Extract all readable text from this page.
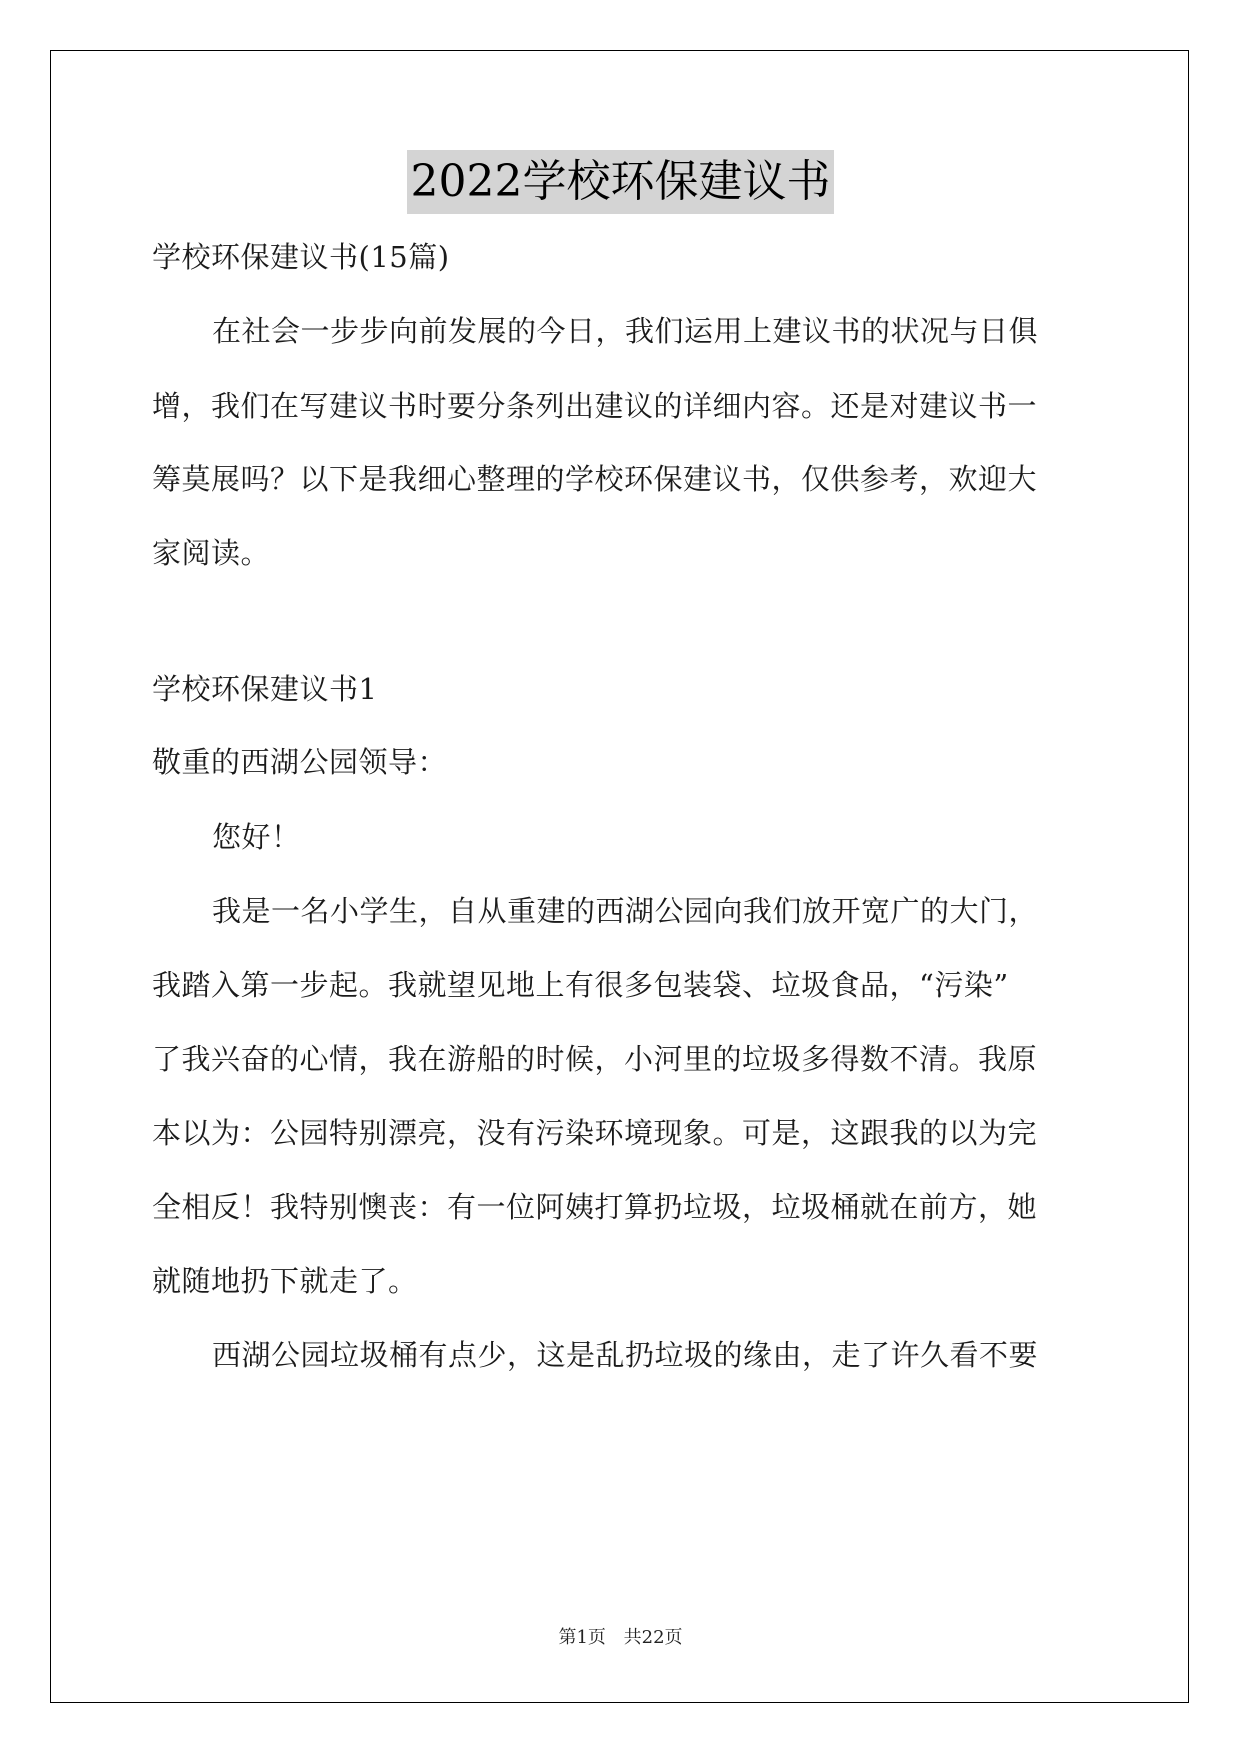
2022学校环保建议书
学校环保建议书(15篇)
在社会一步步向前发展的今日，我们运用上建议书的状况与日俱
增，我们在写建议书时要分条列出建议的详细内容。还是对建议书一
筹莫展吗？以下是我细心整理的学校环保建议书，仅供参考，欢迎大
家阅读。
学校环保建议书1
敬重的西湖公园领导：
您好！
我是一名小学生，自从重建的西湖公园向我们放开宽广的大门，
我踏入第一步起。我就望见地上有很多包装袋、垃圾食品，“污染”
了我兴奋的心情，我在游船的时候，小河里的垃圾多得数不清。我原
本以为：公园特别漂亮，没有污染环境现象。可是，这跟我的以为完
全相反！我特别懊丧：有一位阿姨打算扔垃圾，垃圾桶就在前方，她
就随地扔下就走了。
西湖公园垃圾桶有点少，这是乱扔垃圾的缘由，走了许久看不要
第1页 共22页
